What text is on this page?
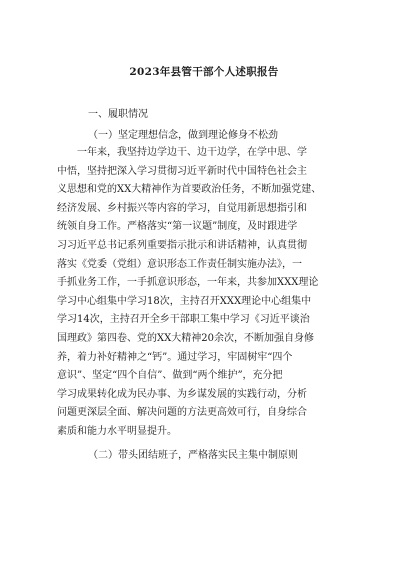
2023年县管干部个人述职报告
一、履职情况
（一）坚定理想信念，做到理论修身不松劲
　　一年来，我坚持边学边干、边干边学，在学中思、学
中悟，坚持把深入学习贯彻习近平新时代中国特色社会主
义思想和党的XX大精神作为首要政治任务，不断加强党建、
经济发展、乡村振兴等内容的学习，自觉用新思想指引和
统领自身工作。严格落实“第一议题”制度，及时跟进学
习习近平总书记系列重要指示批示和讲话精神，认真贯彻
落实《党委（党组）意识形态工作责任制实施办法》，一
手抓业务工作，一手抓意识形态，一年来，共参加XXX理论
学习中心组集中学习18次，主持召开XXX理论中心组集中
学习14次，主持召开全乡干部职工集中学习《习近平谈治
国理政》第四卷、党的XX大精神20余次，不断加强自身修
养，着力补好精神之“钙”。通过学习，牢固树牢“四个
意识”、坚定“四个自信”、做到“两个维护”，充分把
学习成果转化成为民办事、为乡谋发展的实践行动，分析
问题更深层全面、解决问题的方法更高效可行，自身综合
素质和能力水平明显提升。
（二）带头团结班子，严格落实民主集中制原则
